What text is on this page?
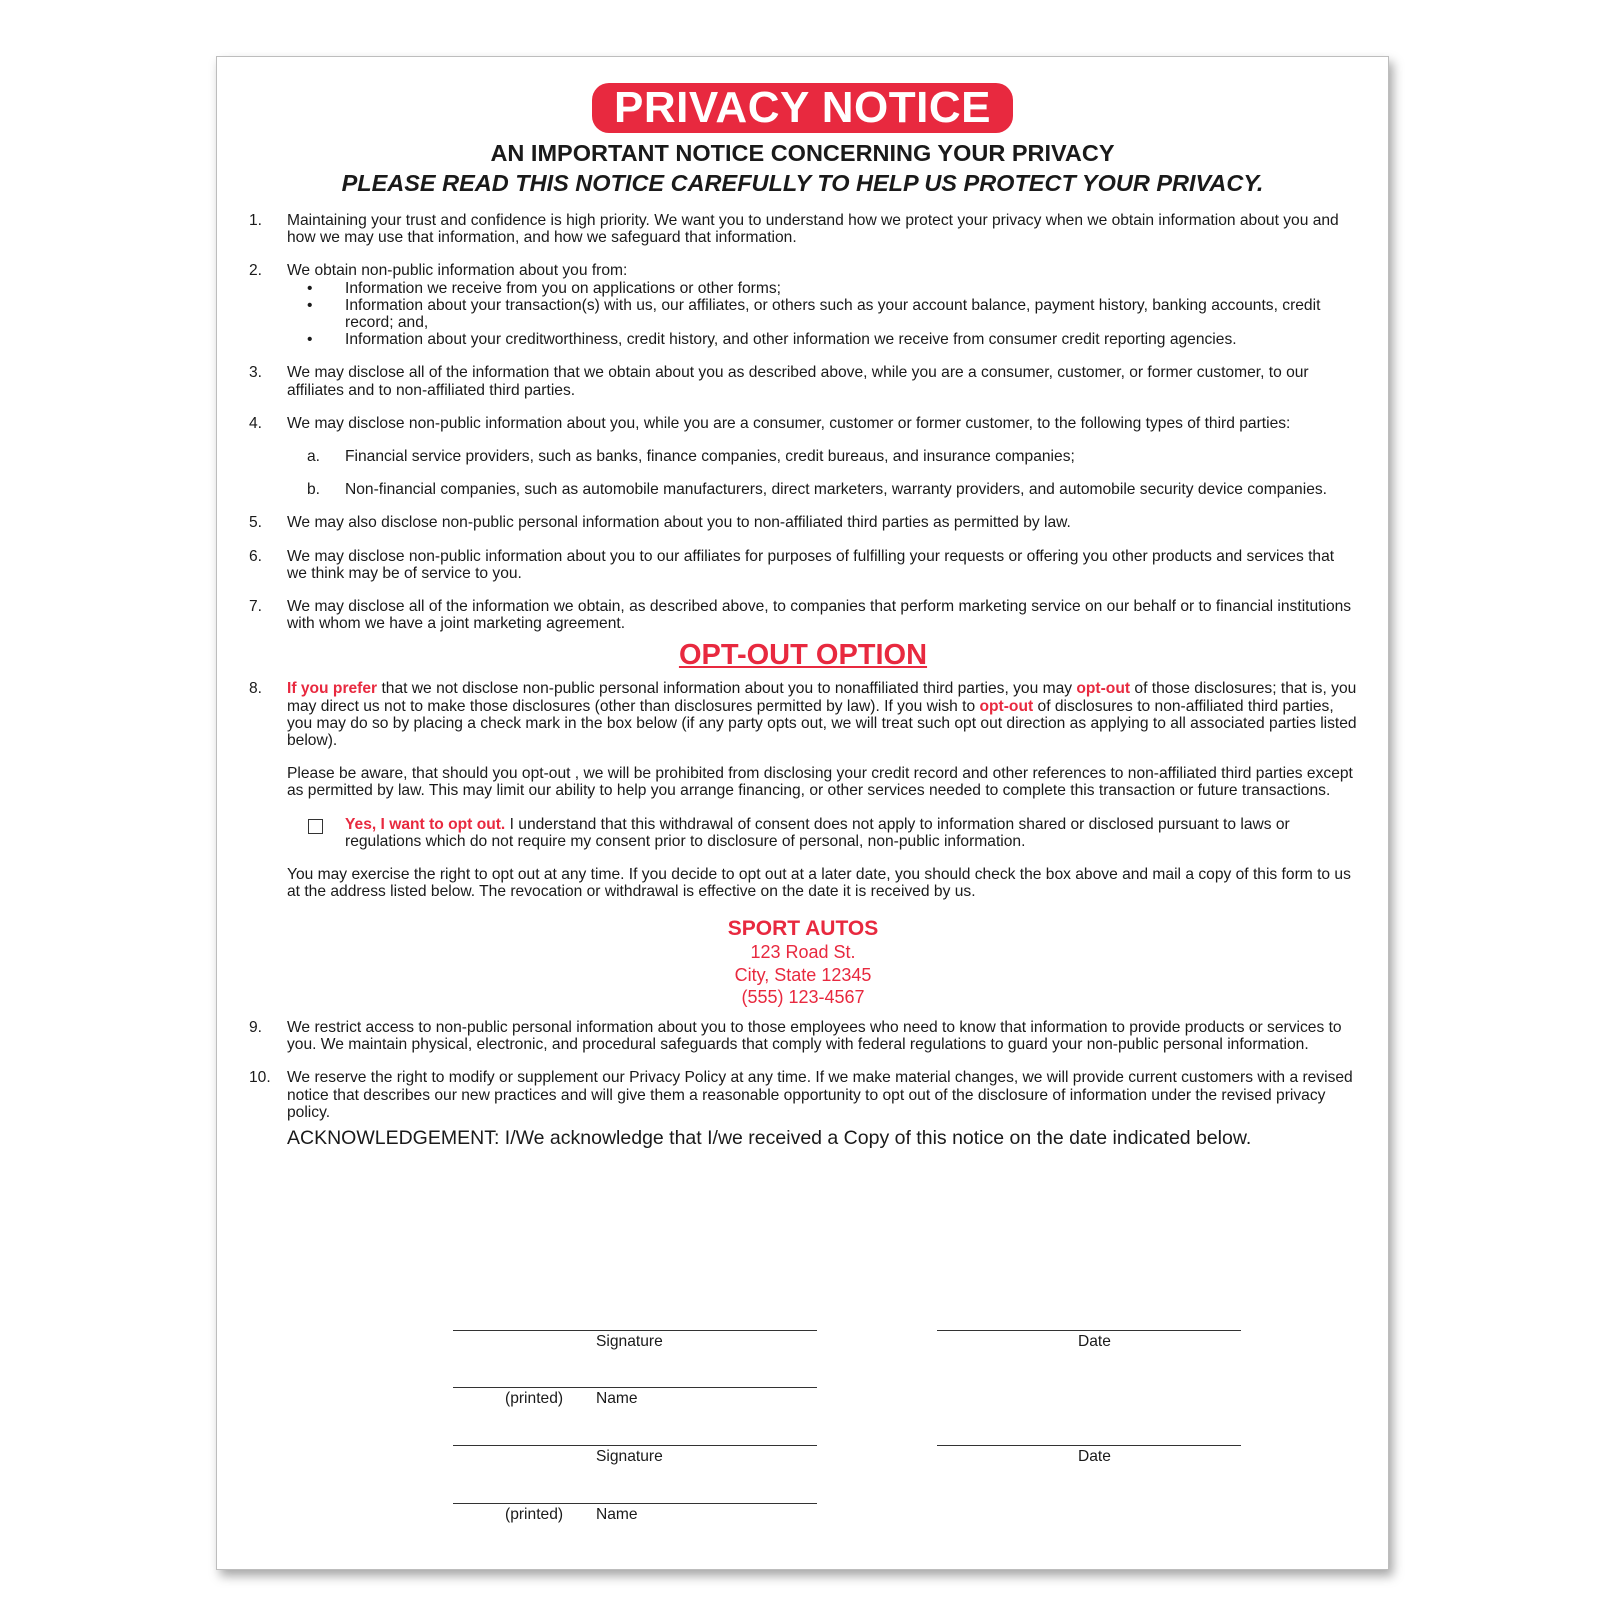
PRIVACY NOTICE
AN IMPORTANT NOTICE CONCERNING YOUR PRIVACY
PLEASE READ THIS NOTICE CAREFULLY TO HELP US PROTECT YOUR PRIVACY.
1. Maintaining your trust and confidence is high priority. We want you to understand how we protect your privacy when we obtain information about you and how we may use that information, and how we safeguard that information.
2. We obtain non-public information about you from:
• Information we receive from you on applications or other forms;
• Information about your transaction(s) with us, our affiliates, or others such as your account balance, payment history, banking accounts, credit record; and,
• Information about your creditworthiness, credit history, and other information we receive from consumer credit reporting agencies.
3. We may disclose all of the information that we obtain about you as described above, while you are a consumer, customer, or former customer, to our affiliates and to non-affiliated third parties.
4. We may disclose non-public information about you, while you are a consumer, customer or former customer, to the following types of third parties:
a. Financial service providers, such as banks, finance companies, credit bureaus, and insurance companies;
b. Non-financial companies, such as automobile manufacturers, direct marketers, warranty providers, and automobile security device companies.
5. We may also disclose non-public personal information about you to non-affiliated third parties as permitted by law.
6. We may disclose non-public information about you to our affiliates for purposes of fulfilling your requests or offering you other products and services that we think may be of service to you.
7. We may disclose all of the information we obtain, as described above, to companies that perform marketing service on our behalf or to financial institutions with whom we have a joint marketing agreement.
OPT-OUT OPTION
8. If you prefer that we not disclose non-public personal information about you to nonaffiliated third parties, you may opt-out of those disclosures; that is, you may direct us not to make those disclosures (other than disclosures permitted by law). If you wish to opt-out of disclosures to non-affiliated third parties, you may do so by placing a check mark in the box below (if any party opts out, we will treat such opt out direction as applying to all associated parties listed below).
Please be aware, that should you opt-out , we will be prohibited from disclosing your credit record and other references to non-affiliated third parties except as permitted by law. This may limit our ability to help you arrange financing, or other services needed to complete this transaction or future transactions.
Yes, I want to opt out. I understand that this withdrawal of consent does not apply to information shared or disclosed pursuant to laws or regulations which do not require my consent prior to disclosure of personal, non-public information.
You may exercise the right to opt out at any time. If you decide to opt out at a later date, you should check the box above and mail a copy of this form to us at the address listed below. The revocation or withdrawal is effective on the date it is received by us.
SPORT AUTOS
123 Road St.
City, State 12345
(555) 123-4567
9. We restrict access to non-public personal information about you to those employees who need to know that information to provide products or services to you. We maintain physical, electronic, and procedural safeguards that comply with federal regulations to guard your non-public personal information.
10. We reserve the right to modify or supplement our Privacy Policy at any time. If we make material changes, we will provide current customers with a revised notice that describes our new practices and will give them a reasonable opportunity to opt out of the disclosure of information under the revised privacy policy.
ACKNOWLEDGEMENT: I/We acknowledge that I/we received a Copy of this notice on the date indicated below.
Signature	Date
(printed) Name
Signature	Date
(printed) Name
